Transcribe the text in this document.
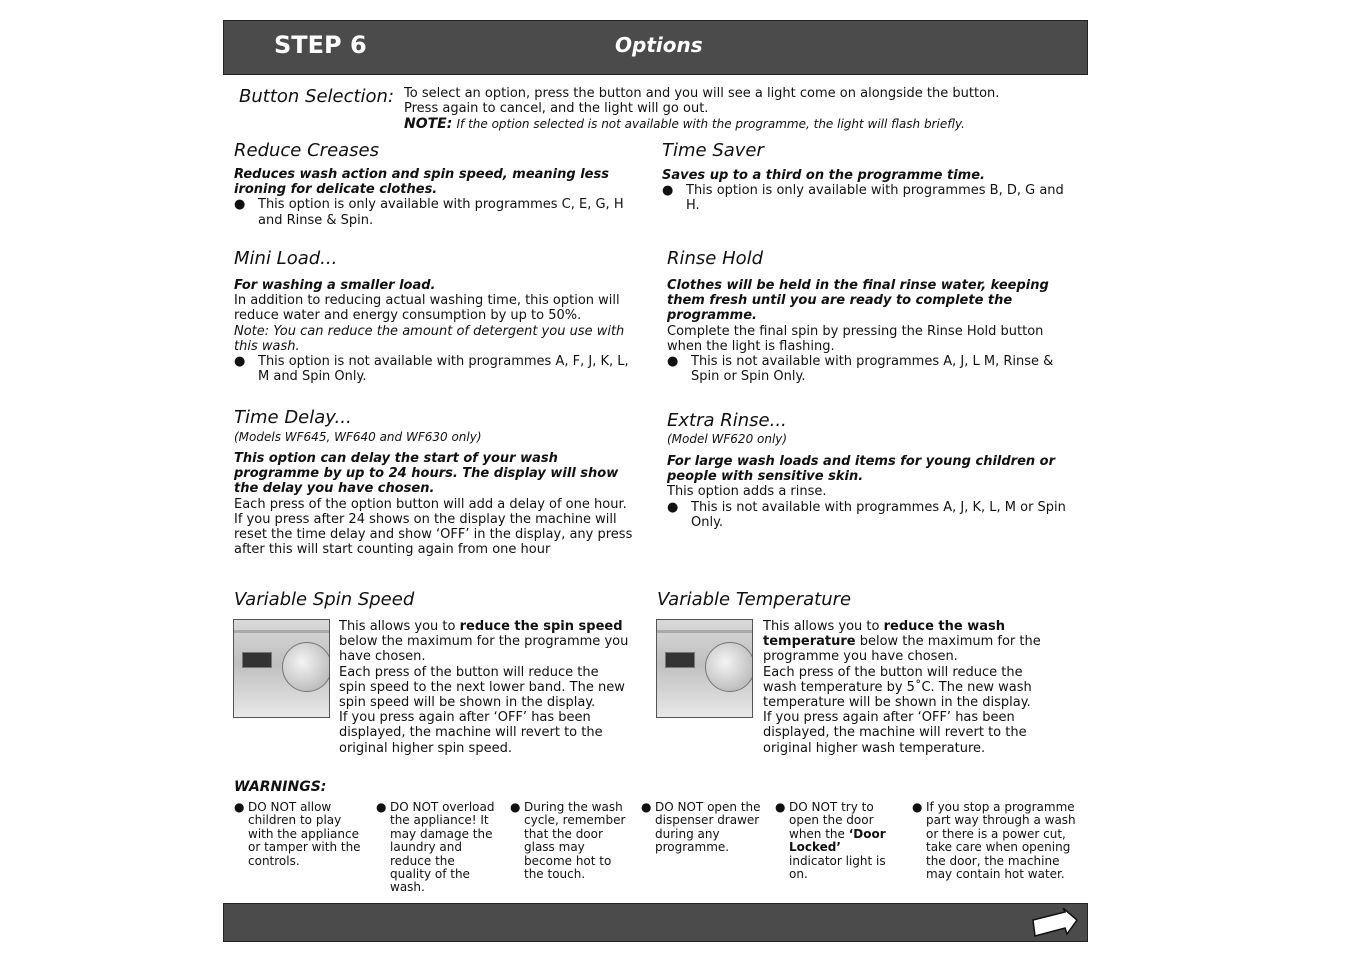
STEP 6	Options
Button Selection: To select an option, press the button and you will see a light come on alongside the button.
Press again to cancel, and the light will go out.
NOTE: If the option selected is not available with the programme, the light will flash briefly.
Reduce Creases
Reduces wash action and spin speed, meaning less ironing for delicate clothes.
● This option is only available with programmes C, E, G, H and Rinse & Spin.
Time Saver
Saves up to a third on the programme time.
● This option is only available with programmes B, D, G and H.
Mini Load...
For washing a smaller load.
In addition to reducing actual washing time, this option will reduce water and energy consumption by up to 50%.
Note: You can reduce the amount of detergent you use with this wash.
● This option is not available with programmes A, F, J, K, L, M and Spin Only.
Rinse Hold
Clothes will be held in the final rinse water, keeping them fresh until you are ready to complete the programme.
Complete the final spin by pressing the Rinse Hold button when the light is flashing.
● This is not available with programmes A, J, L M, Rinse & Spin or Spin Only.
Time Delay...
(Models WF645, WF640 and WF630 only)
This option can delay the start of your wash programme by up to 24 hours. The display will show the delay you have chosen.
Each press of the option button will add a delay of one hour. If you press after 24 shows on the display the machine will reset the time delay and show ‘OFF’ in the display, any press after this will start counting again from one hour
Extra Rinse...
(Model WF620 only)
For large wash loads and items for young children or people with sensitive skin.
This option adds a rinse.
● This is not available with programmes A, J, K, L, M or Spin Only.
Variable Spin Speed
This allows you to reduce the spin speed below the maximum for the programme you have chosen.
Each press of the button will reduce the spin speed to the next lower band. The new spin speed will be shown in the display.
If you press again after ‘OFF’ has been displayed, the machine will revert to the original higher spin speed.
Variable Temperature
This allows you to reduce the wash temperature below the maximum for the programme you have chosen.
Each press of the button will reduce the wash temperature by 5˚C. The new wash temperature will be shown in the display.
If you press again after ‘OFF’ has been displayed, the machine will revert to the original higher wash temperature.
WARNINGS:
● DO NOT allow children to play with the appliance or tamper with the controls.
● DO NOT overload the appliance! It may damage the laundry and reduce the quality of the wash.
● During the wash cycle, remember that the door glass may become hot to the touch.
● DO NOT open the dispenser drawer during any programme.
● DO NOT try to open the door when the ‘Door Locked’ indicator light is on.
● If you stop a programme part way through a wash or there is a power cut, take care when opening the door, the machine may contain hot water.
